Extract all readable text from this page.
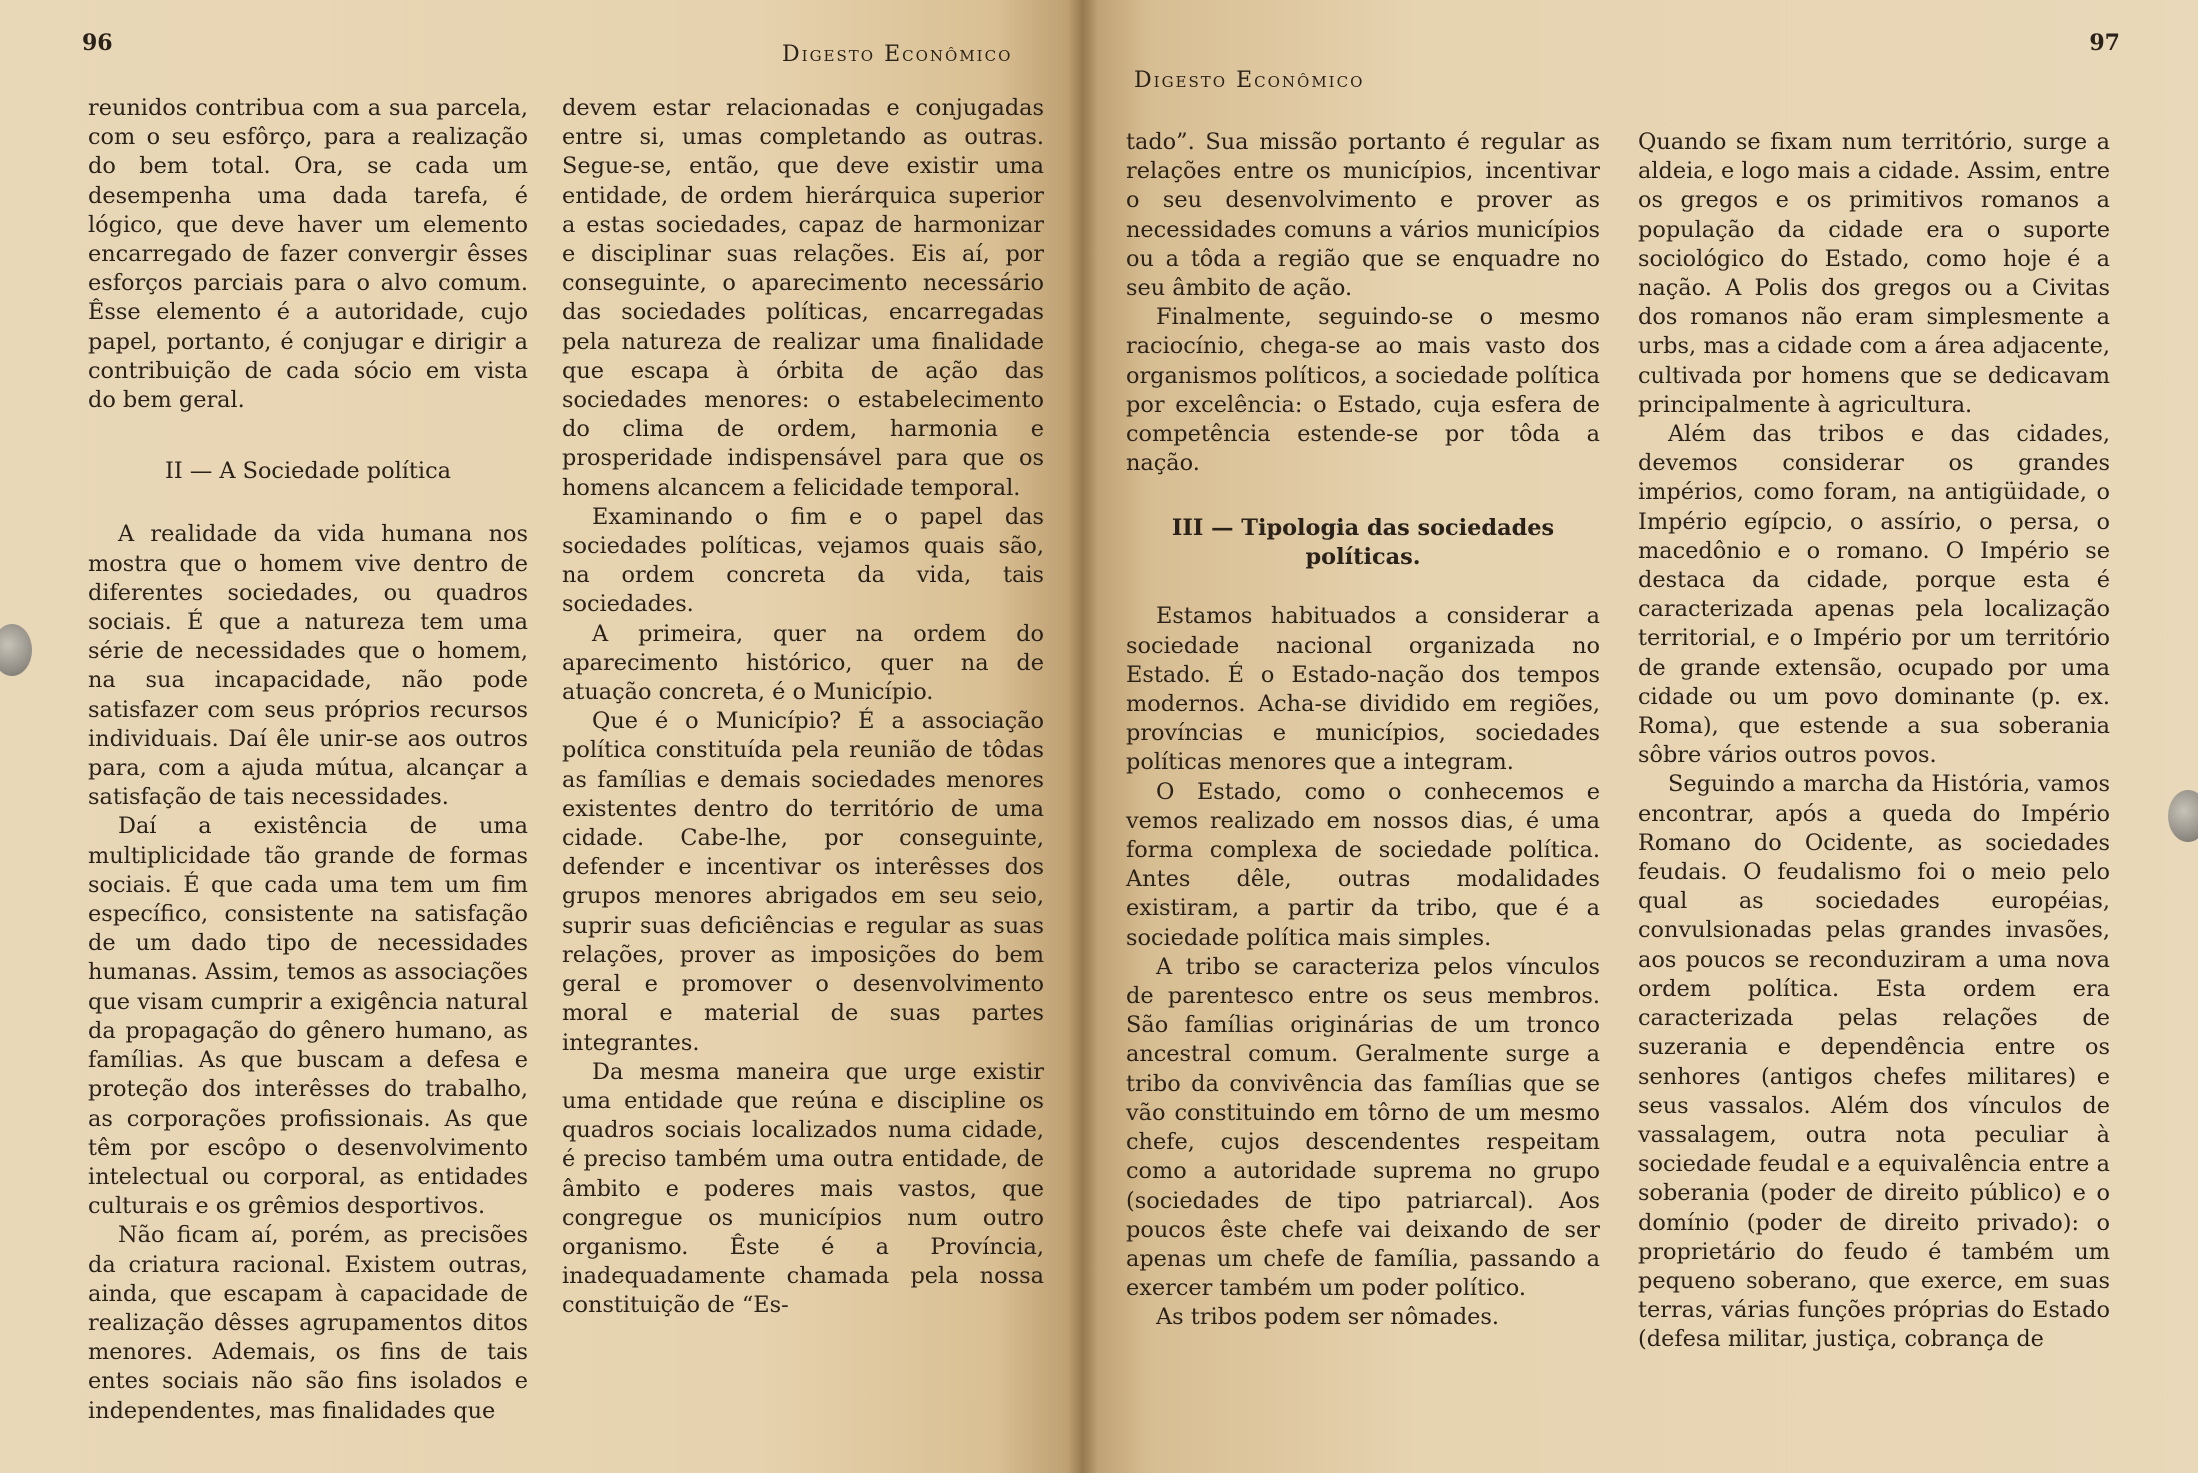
96	Digesto Econômico

reunidos contribua com a sua parcela, com o seu esfôrço, para a realização do bem total. Ora, se cada um desempenha uma dada tarefa, é lógico, que deve haver um elemento encarregado de fazer convergir êsses esforços parciais para o alvo comum. Êsse elemento é a autoridade, cujo papel, portanto, é conjugar e dirigir a contribuição de cada sócio em vista do bem geral.

II — A Sociedade política

A realidade da vida humana nos mostra que o homem vive dentro de diferentes sociedades, ou quadros sociais. É que a natureza tem uma série de necessidades que o homem, na sua incapacidade, não pode satisfazer com seus próprios recursos individuais. Daí êle unir-se aos outros para, com a ajuda mútua, alcançar a satisfação de tais necessidades.

Daí a existência de uma multiplicidade tão grande de formas sociais. É que cada uma tem um fim específico, consistente na satisfação de um dado tipo de necessidades humanas. Assim, temos as associações que visam cumprir a exigência natural da propagação do gênero humano, as famílias. As que buscam a defesa e proteção dos interêsses do trabalho, as corporações profissionais. As que têm por escôpo o desenvolvimento intelectual ou corporal, as entidades culturais e os grêmios desportivos.

Não ficam aí, porém, as precisões da criatura racional. Existem outras, ainda, que escapam à capacidade de realização dêsses agrupamentos ditos menores. Ademais, os fins de tais entes sociais não são fins isolados e independentes, mas finalidades que

devem estar relacionadas e conjugadas entre si, umas completando as outras. Segue-se, então, que deve existir uma entidade, de ordem hierárquica superior a estas sociedades, capaz de harmonizar e disciplinar suas relações. Eis aí, por conseguinte, o aparecimento necessário das sociedades políticas, encarregadas pela natureza de realizar uma finalidade que escapa à órbita de ação das sociedades menores: o estabelecimento do clima de ordem, harmonia e prosperidade indispensável para que os homens alcancem a felicidade temporal.

Examinando o fim e o papel das sociedades políticas, vejamos quais são, na ordem concreta da vida, tais sociedades.

A primeira, quer na ordem do aparecimento histórico, quer na de atuação concreta, é o Município.

Que é o Município? É a associação política constituída pela reunião de tôdas as famílias e demais sociedades menores existentes dentro do território de uma cidade. Cabe-lhe, por conseguinte, defender e incentivar os interêsses dos grupos menores abrigados em seu seio, suprir suas deficiências e regular as suas relações, prover as imposições do bem geral e promover o desenvolvimento moral e material de suas partes integrantes.

Da mesma maneira que urge existir uma entidade que reúna e discipline os quadros sociais localizados numa cidade, é preciso também uma outra entidade, de âmbito e poderes mais vastos, que congregue os municípios num outro organismo. Êste é a Província, inadequadamente chamada pela nossa constituição de “Es-

97
Digesto Econômico

tado”. Sua missão portanto é regular as relações entre os municípios, incentivar o seu desenvolvimento e prover as necessidades comuns a vários municípios ou a tôda a região que se enquadre no seu âmbito de ação.

Finalmente, seguindo-se o mesmo raciocínio, chega-se ao mais vasto dos organismos políticos, a sociedade política por excelência: o Estado, cuja esfera de competência estende-se por tôda a nação.

III — Tipologia das sociedades políticas.

Estamos habituados a considerar a sociedade nacional organizada no Estado. É o Estado-nação dos tempos modernos. Acha-se dividido em regiões, províncias e municípios, sociedades políticas menores que a integram.

O Estado, como o conhecemos e vemos realizado em nossos dias, é uma forma complexa de sociedade política. Antes dêle, outras modalidades existiram, a partir da tribo, que é a sociedade política mais simples.

A tribo se caracteriza pelos vínculos de parentesco entre os seus membros. São famílias originárias de um tronco ancestral comum. Geralmente surge a tribo da convivência das famílias que se vão constituindo em tôrno de um mesmo chefe, cujos descendentes respeitam como a autoridade suprema no grupo (sociedades de tipo patriarcal). Aos poucos êste chefe vai deixando de ser apenas um chefe de família, passando a exercer também um poder político.

As tribos podem ser nômades.

Quando se fixam num território, surge a aldeia, e logo mais a cidade. Assim, entre os gregos e os primitivos romanos a população da cidade era o suporte sociológico do Estado, como hoje é a nação. A Polis dos gregos ou a Civitas dos romanos não eram simplesmente a urbs, mas a cidade com a área adjacente, cultivada por homens que se dedicavam principalmente à agricultura.

Além das tribos e das cidades, devemos considerar os grandes impérios, como foram, na antigüidade, o Império egípcio, o assírio, o persa, o macedônio e o romano. O Império se destaca da cidade, porque esta é caracterizada apenas pela localização territorial, e o Império por um território de grande extensão, ocupado por uma cidade ou um povo dominante (p. ex. Roma), que estende a sua soberania sôbre vários outros povos.

Seguindo a marcha da História, vamos encontrar, após a queda do Império Romano do Ocidente, as sociedades feudais. O feudalismo foi o meio pelo qual as sociedades européias, convulsionadas pelas grandes invasões, aos poucos se reconduziram a uma nova ordem política. Esta ordem era caracterizada pelas relações de suzerania e dependência entre os senhores (antigos chefes militares) e seus vassalos. Além dos vínculos de vassalagem, outra nota peculiar à sociedade feudal e a equivalência entre a soberania (poder de direito público) e o domínio (poder de direito privado): o proprietário do feudo é também um pequeno soberano, que exerce, em suas terras, várias funções próprias do Estado (defesa militar, justiça, cobrança de
